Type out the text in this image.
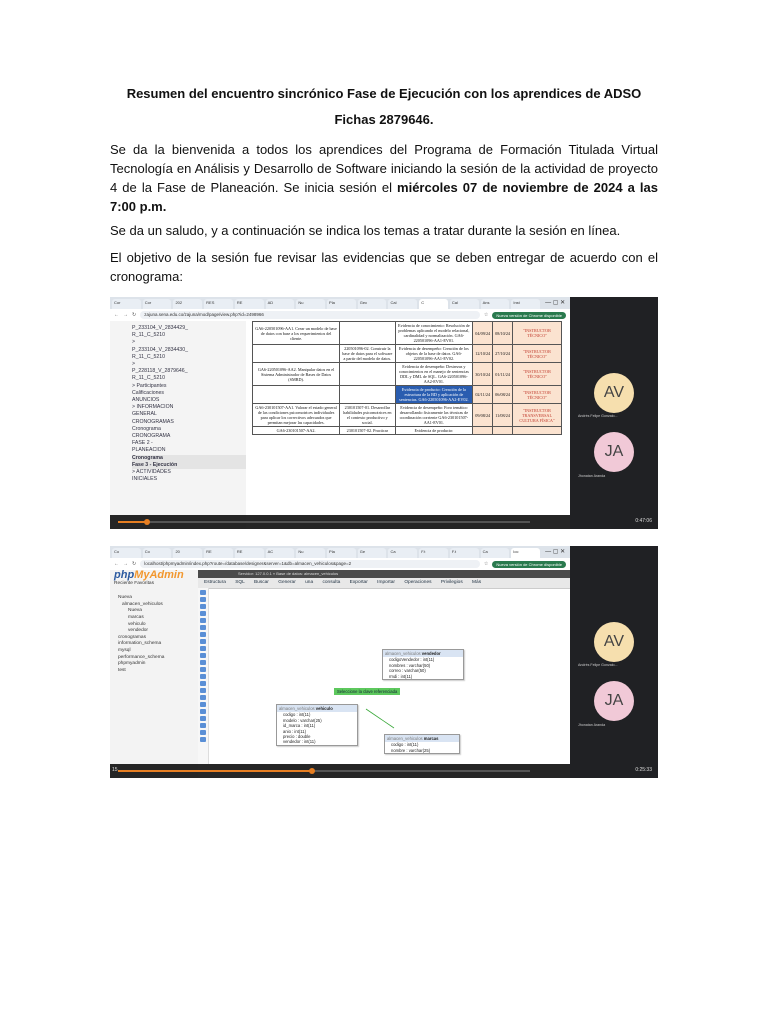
Resumen del encuentro sincrónico Fase de Ejecución con los aprendices de ADSO
Fichas 2879646.
Se da la bienvenida a todos los aprendices del Programa de Formación Titulada Virtual Tecnología en Análisis y Desarrollo de Software iniciando la sesión de la actividad de proyecto 4 de la Fase de Planeación. Se inicia sesión el miércoles 07 de noviembre de 2024 a las 7:00 p.m.
Se da un saludo, y a continuación se indica los temas a tratar durante la sesión en línea.
El objetivo de la sesión fue revisar las evidencias que se deben entregar de acuerdo con el cronograma:
Cor	Cor	202	RES	RE	AD	Nu	Pla	Gec	Cal	C	Cal	Ans	Inst	— ▢ ✕
← → ↻	zajuna.sena.edu.co/zajuna/mod/page/view.php?id=2498966	☆	Nueva versión de Chrome disponible
P_233104_V_2834429_
R_11_C_5210
>
P_233104_V_2834430_
R_11_C_5210
>
P_228118_V_2879646_
R_11_C_5210
> Participantes
Calificaciones
ANUNCIOS
> INFORMACIÓN
GENERAL
CRONOGRAMAS
Cronograma
CRONOGRAMA
FASE 2 -
PLANEACIÓN
Cronograma
Fase 3 - Ejecución
> ACTIVIDADES
INICIALES
GA6-220501096-AA1. Crear un modelo de base de datos con base a los requerimientos del cliente.		Evidencia de conocimiento: Resolución de problemas aplicando el modelo relacional, cardinalidad y normalización. GA6-220501096-AA1-EV01.	04/09/24	08/10/24	"INSTRUCTOR TÉCNICO"
	220501096-02. Construir la base de datos para el software a partir del modelo de datos.	Evidencia de desempeño: Creación de los objetos de la base de datos. GA6-220501096-AA1-EV02.	12/10/24	27/10/24	"INSTRUCTOR TÉCNICO"
GA6-220501096-AA2. Manipular datos en el Sistema Administrador de Bases de Datos (SMBD).		Evidencia de desempeño: Destrezas y conocimientos en el manejo de sentencias DDL y DML de SQL. GA6-220501096-AA2-EV01.	30/10/24	01/11/24	"INSTRUCTOR TÉCNICO"
		Evidencia de producto: Creación de la estructura de la BD y aplicación de sentencias. GA6-220501096-AA2-EV02.	02/11/24	06/08/24	"INSTRUCTOR TÉCNICO"
GA6-230101507-AA1. Valorar el estado general de las condiciones psicomotrices individuales para aplicar los correctivos adecuados que permitan mejorar las capacidades.	230101507-01. Desarrollar habilidades psicomotrices en el contexto productivo y social.	Evidencia de desempeño: Foro temático desarrollando fisicamente las técnicas de coordinación corriente GA6-230101507-AA1-EV01.	09/08/24	11/08/24	"INSTRUCTOR TRANSVERSAL CULTURA FÍSICA"
GA6-230101507-AA2.	230101507-02. Practicar	Evidencia de producto:			
AV
Andrés Felipe Gonzalo...
JA
Jhonatan Aranda
0:47:06
Co	Co	20	RE	RE	AC	Nu	Pla	Ge	Ca	F.t	F.t	Ca	loc	— ▢ ✕
← → ↻	localhost/phpmyadmin/index.php?route=/database/designer&server=1&db=almacen_vehiculos&page=2	☆	Nueva versión de Chrome disponible
phpMyAdmin
Reciente Favoritas
Nueva
almacen_vehiculos
Nueva
marcas
vehiculo
vendedor
cronogramas
information_schema
mysql
performance_schema
phpmyadmin
test
Servidor: 127.0.0.1 » Base de datos: almacen_vehiculos
Estructura SQL Buscar Generar una consulta Exportar Importar Operaciones Privilegios Más
almacen_vehiculos vendedor
codigoVendedor : int(11)
nombres : varchar(50)
correo : varchar(50)
rmdi : int(11)
Seleccione la clave referenciada
almacen_vehiculos vehiculo
codigo : int(11)
modelo : varchar(25)
id_marca : int(11)
anio : int(11)
precio : double
vendedor : int(11)
almacen_vehiculos marcas
codigo : int(11)
nombre : varchar(25)
15
AV
Andrés Felipe Gonzalo...
JA
Jhonatan Aranda
0:25:33
